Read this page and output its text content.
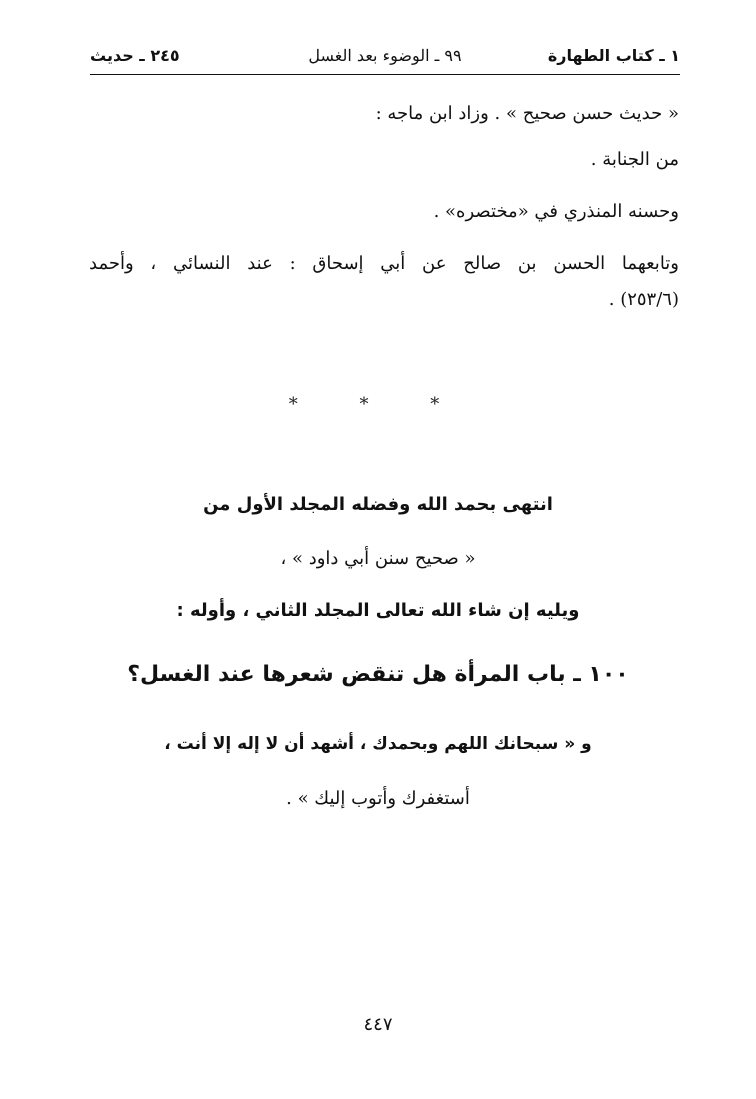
١ ـ كتاب الطهارة
٩٩ ـ الوضوء بعد الغسل
٢٤٥ ـ حديث
« حديث حسن صحيح » . وزاد ابن ماجه :
من الجنابة .
وحسنه المنذري في «مختصره» .
وتابعهما الحسن بن صالح عن أبي إسحاق : عند النسائي ، وأحمد
(٢٥٣/٦) .
* * *
انتهى بحمد الله وفضله المجلد الأول من
« صحيح سنن أبي داود » ،
ويليه إن شاء الله تعالى المجلد الثاني ، وأوله :
١٠٠ ـ باب المرأة هل تنقض شعرها عند الغسل؟
و « سبحانك اللهم وبحمدك ، أشهد أن لا إله إلا أنت ،
أستغفرك وأتوب إليك » .
٤٤٧
